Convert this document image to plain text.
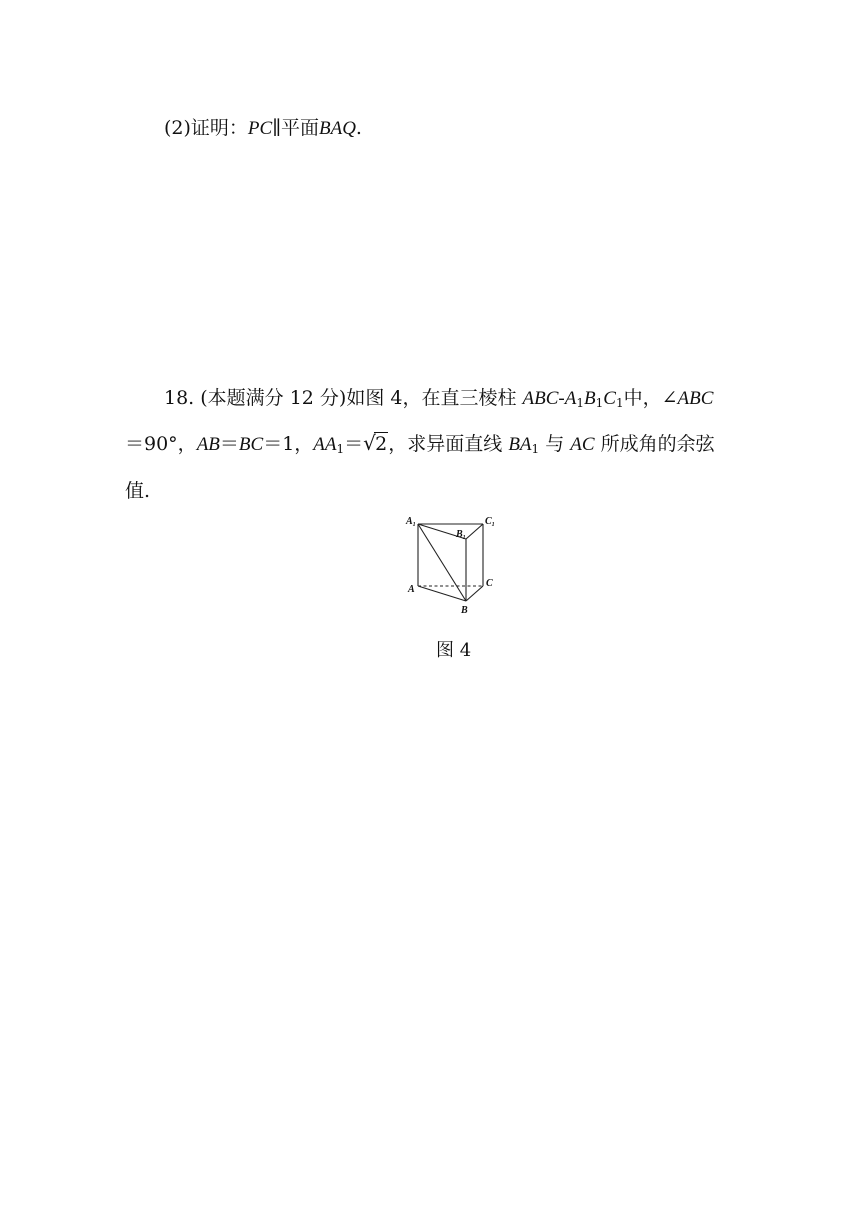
(2)证明：PC∥平面BAQ.
18. (本题满分 12 分)如图 4，在直三棱柱 ABC-$A_1B_1C_1$中，∠ABC
＝90°，AB＝BC＝1，$AA_1=$ √ 2，求异面直线 $BA_1$ 与 AC 所成角的余弦
值.
$A_1$
$B_1$
$C_1$
A
C
B
图 4
